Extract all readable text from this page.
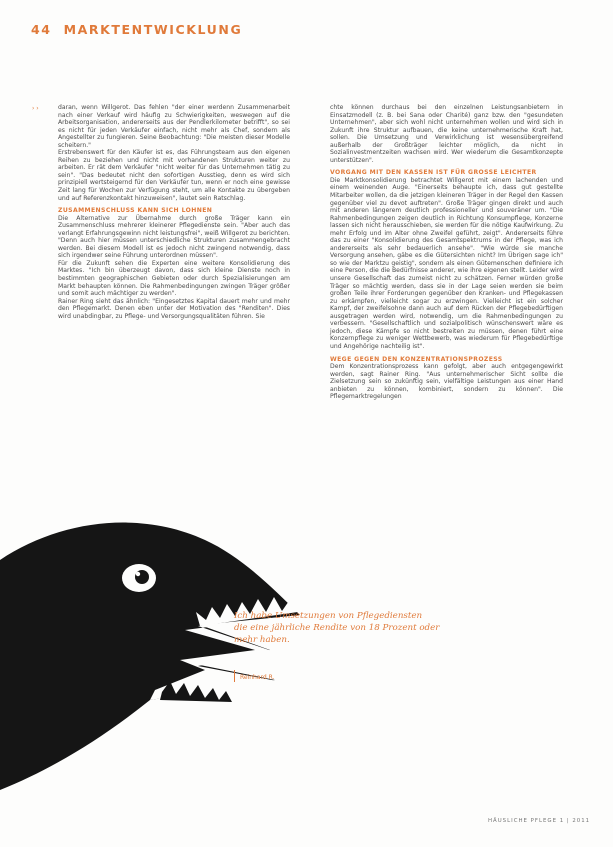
44 MARKTENTWICKLUNG
› ›	daran, wenn Willgerot. Das fehlen "der einer werdenn Zusammenarbeit nach einer Verkauf wird häufig zu Schwierigkeiten, weswegen auf die Arbeitsorganisation, andererseits aus der Pendlerkilometer betrifft", so sei es nicht für jeden Verkäufer einfach, nicht mehr als Chef, sondern als Angestellter zu fungieren. Seine Beobachtung: "Die meisten dieser Modelle scheitern."

Erstrebenswert für den Käufer ist es, das Führungsteam aus den eigenen Reihen zu beziehen und nicht mit vorhandenen Strukturen weiter zu arbeiten. Er rät dem Verkäufer "nicht weiter für das Unternehmen tätig zu sein". "Das bedeutet nicht den sofortigen Ausstieg, denn es wird sich prinzipiell wertsteigernd für den Verkäufer tun, wenn er noch eine gewisse Zeit lang für Wochen zur Verfügung steht, um alle Kontakte zu übergeben und auf Referenzkontakt hinzuweisen", lautet sein Ratschlag.

ZUSAMMENSCHLUSS KANN SICH LOHNEN

Die Alternative zur Übernahme durch große Träger kann ein Zusammenschluss mehrerer kleinerer Pflegedienste sein. "Aber auch das verlangt Erfahrungsgewinn nicht leistungsfrei", weiß Willgerot zu berichten. "Denn auch hier müssen unterschiedliche Strukturen zusammengebracht werden. Bei diesem Modell ist es jedoch nicht zwingend notwendig, dass sich irgendwer seine Führung unterordnen müssen".

Für die Zukunft sehen die Experten eine weitere Konsolidierung des Marktes. "Ich bin überzeugt davon, dass sich kleine Dienste noch in bestimmten geographischen Gebieten oder durch Spezialisierungen am Markt behaupten können. Die Rahmenbedingungen zwingen Träger größer und somit auch mächtiger zu werden".

Rainer Ring sieht das ähnlich: "Eingesetztes Kapital dauert mehr und mehr den Pflegemarkt. Denen eben unter der Motivation des "Renditen". Dies wird unabdingbar, zu Pflege- und Versorgungsqualitäten führen. Sie

chte können durchaus bei den einzelnen Leistungsanbietern in Einsatzmodell (z. B. bei Sana oder Charité) ganz bzw. den "gesundeten Unternehmen", aber sich wohl nicht unternehmen wollen und wird sich in Zukunft ihre Struktur aufbauen, die keine unternehmerische Kraft hat, sollen. Die Umsetzung und Verwirklichung ist wesensübergreifend außerhalb der Großträger leichter möglich, da nicht in Sozialinvestmentzeiten wachsen wird. Wer wiederum die Gesamtkonzepte unterstützen".

VORGANG MIT DEN KASSEN IST FÜR GROSSE LEICHTER

Die Marktkonsolidierung betrachtet Willgerot mit einem lachenden und einem weinenden Auge. "Einerseits behaupte ich, dass gut gestellte Mitarbeiter wollen, da die jetzigen kleineren Träger in der Regel den Kassen gegenüber viel zu devot auftreten". Große Träger gingen direkt und auch mit anderen längerem deutlich professioneller und souveräner um. "Die Rahmenbedingungen zeigen deutlich in Richtung Konsumpflege, Konzerne lassen sich nicht herausschieben, sie werden für die nötige Kaufwirkung. Zu mehr Erfolg und im Alter ohne Zweifel geführt, zeigt". Andererseits führe das zu einer "Konsolidierung des Gesamtspektrums in der Pflege, was ich andererseits als sehr bedauerlich ansehe". "Wie würde sie manche Versorgung ansehen, gäbe es die Gütersichten nicht? Im Übrigen sage ich" so wie der Marktzu geistig", sondern als einen Gütemenschen definiere ich eine Person, die die Bedürfnisse anderer, wie ihre eigenen stellt. Leider wird unsere Gesellschaft das zumeist nicht zu schätzen. Ferner würden große Träger so mächtig werden, dass sie in der Lage seien werden sie beim großen Teile ihrer Forderungen gegenüber den Kranken- und Pflegekassen zu erkämpfen, vielleicht sogar zu erzwingen. Vielleicht ist ein solcher Kampf, der zweifelsohne dann auch auf dem Rücken der Pflegebedürftigen ausgetragen werden wird, notwendig, um die Rahmenbedingungen zu verbessern. "Gesellschaftlich und sozialpolitisch wünschenswert wäre es jedoch, diese Kämpfe so nicht bestreiten zu müssen, denen führt eine Konzernpflege zu weniger Wettbewerb, was wiederum für Pflegebedürftige und Angehörige nachteilig ist".

WEGE GEGEN DEN KONZENTRATIONSPROZESS

Dem Konzentrationsprozess kann gefolgt, aber auch entgegengewirkt werden, sagt Rainer Ring. "Aus unternehmerischer Sicht sollte die Zielsetzung sein so zukünftig sein, vielfältige Leistungen aus einer Hand anbieten zu können, kombiniert, sondern zu können". Die Pflegemarktregelungen

Ich habe Umsetzungen von Pflegediensten
die eine jährliche Rendite von 18 Prozent oder
mehr haben.
Reinhard R.
HÄUSLICHE PFLEGE 1 | 2011
